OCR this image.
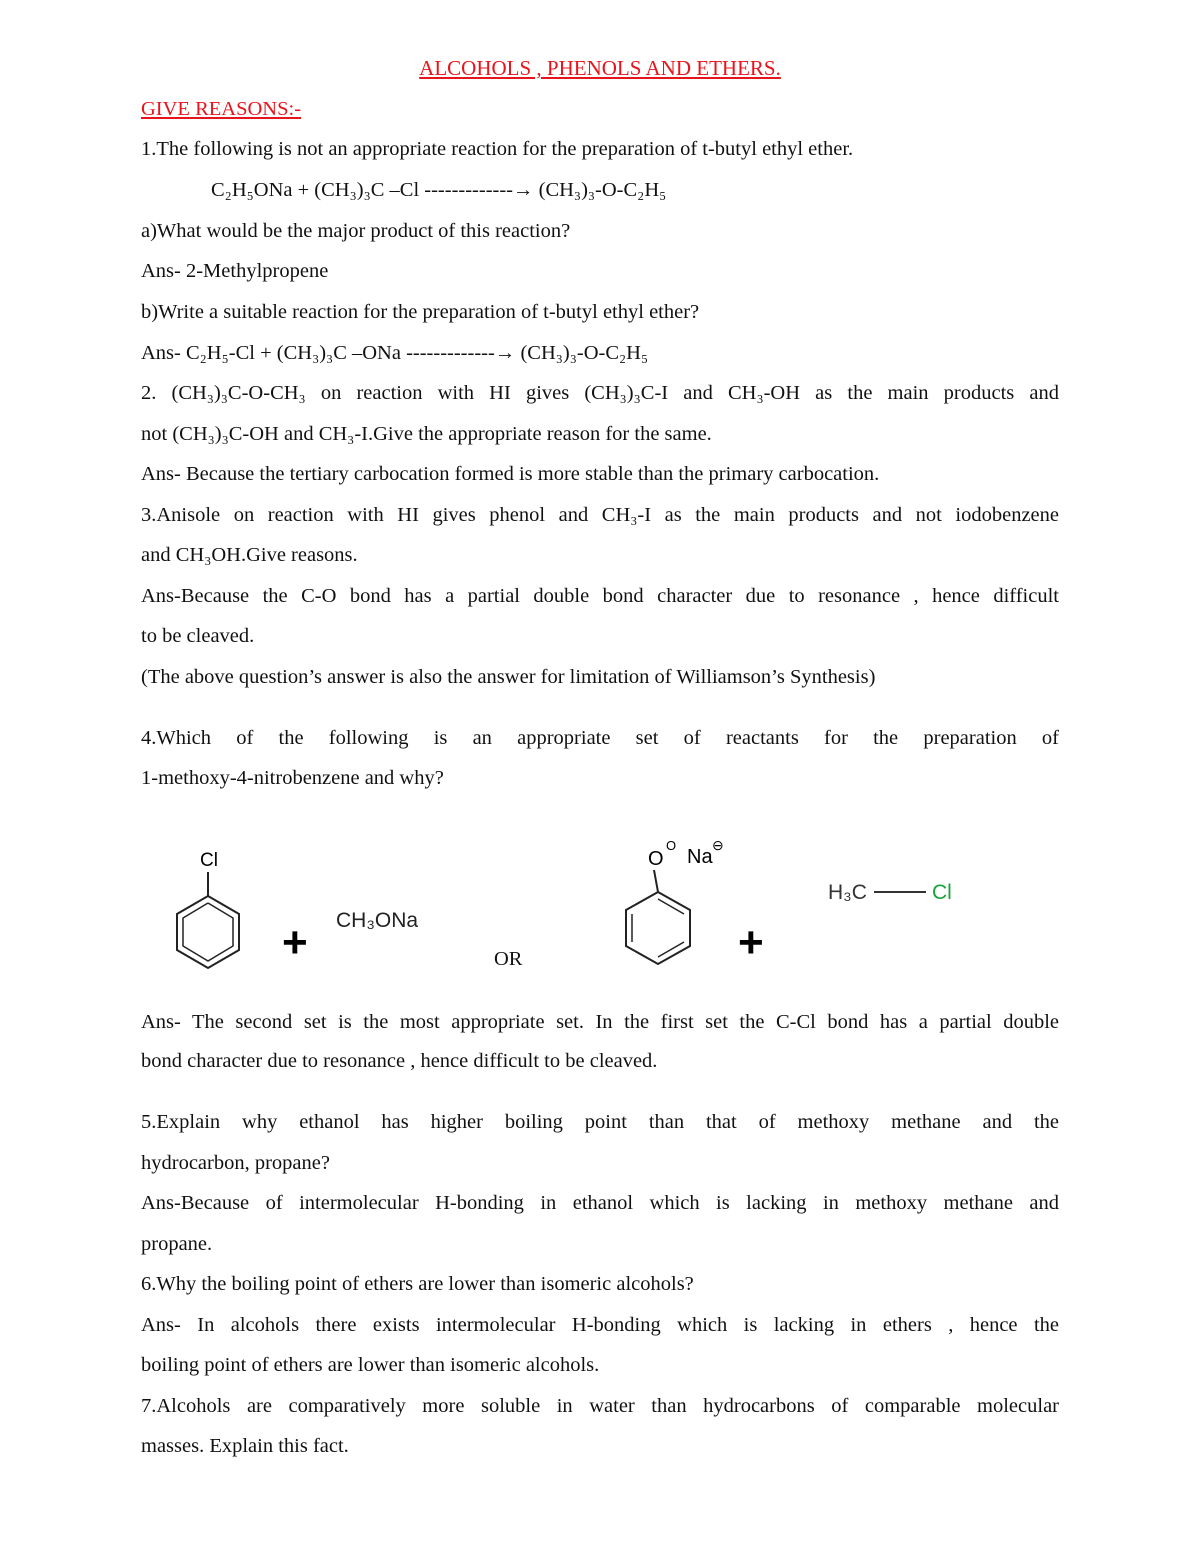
ALCOHOLS , PHENOLS AND ETHERS.
GIVE REASONS:-
1.The following is not an appropriate reaction for the preparation of t-butyl ethyl ether.
C₂H₅ONa + (CH₃)₃C –Cl -------------→ (CH₃)₃-O-C₂H₅
a)What would be the major product of this reaction?
Ans- 2-Methylpropene
b)Write a suitable reaction for the preparation of t-butyl ethyl ether?
Ans- C₂H₅-Cl + (CH₃)₃C –ONa -------------→ (CH₃)₃-O-C₂H₅
2. (CH₃)₃C-O-CH₃ on reaction with HI gives (CH₃)₃C-I and CH₃-OH as the main products and
not (CH₃)₃C-OH and CH₃-I.Give the appropriate reason for the same.
Ans- Because the tertiary carbocation formed is more stable than the primary carbocation.
3.Anisole on reaction with HI gives phenol and CH₃-I as the main products and not iodobenzene
and CH₃OH.Give reasons.
Ans-Because the C-O bond has a partial double bond character due to resonance , hence difficult
to be cleaved.
(The above question’s answer is also the answer for limitation of Williamson’s Synthesis)
4.Which of the following is an appropriate set of reactants for the preparation of
1-methoxy-4-nitrobenzene and why?
Cl
+ CH₃ONa
O
O
Na
⊖
+
H₃C	Cl
OR
Ans- The second set is the most appropriate set. In the first set the C-Cl bond has a partial double
bond character due to resonance , hence difficult to be cleaved.
5.Explain why ethanol has higher boiling point than that of methoxy methane and the
hydrocarbon, propane?
Ans-Because of intermolecular H-bonding in ethanol which is lacking in methoxy methane and
propane.
6.Why the boiling point of ethers are lower than isomeric alcohols?
Ans- In alcohols there exists intermolecular H-bonding which is lacking in ethers , hence the
boiling point of ethers are lower than isomeric alcohols.
7.Alcohols are comparatively more soluble in water than hydrocarbons of comparable molecular
masses. Explain this fact.
